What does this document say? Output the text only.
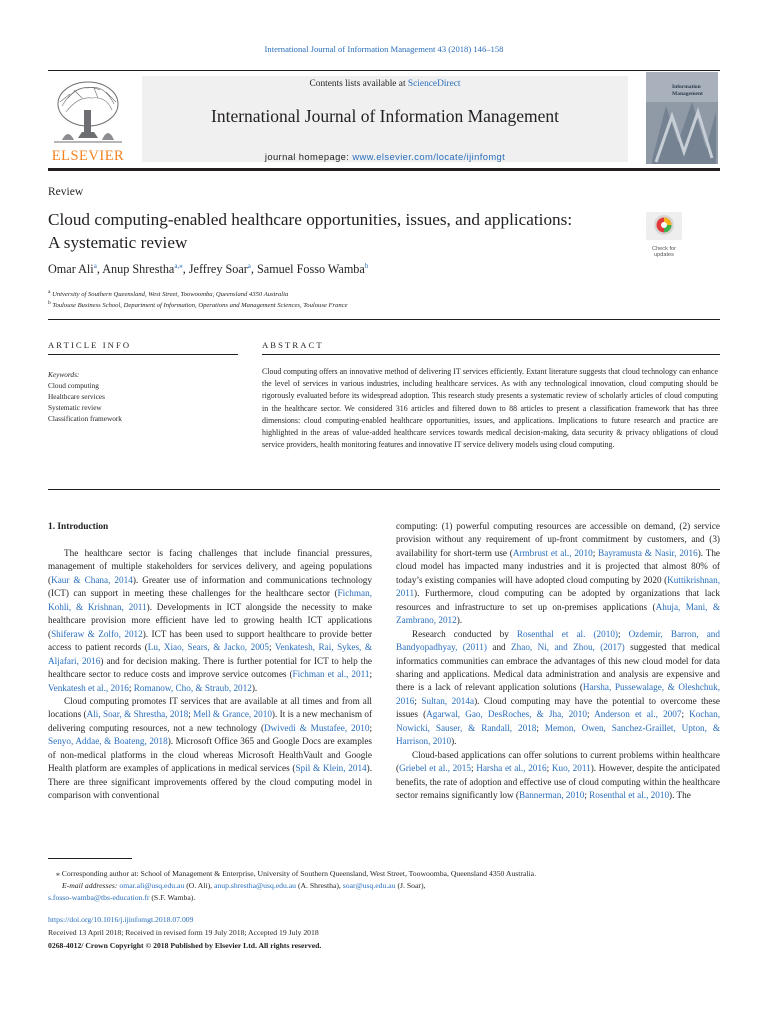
International Journal of Information Management 43 (2018) 146–158
ELSEVIER
Contents lists available at ScienceDirect
International Journal of Information Management
journal homepage: www.elsevier.com/locate/ijinfomgt
Information Management
Review
Cloud computing-enabled healthcare opportunities, issues, and applications:
A systematic review	Check for updates
Omar Ali$^a$, Anup Shrestha$^{a,⁎}$, Jeffrey Soar$^a$, Samuel Fosso Wamba$^b$
$^a$ University of Southern Queensland, West Street, Toowoomba, Queensland 4350 Australia
$^b$ Toulouse Business School, Department of Information, Operations and Management Sciences, Toulouse France
ARTICLE INFO	ABSTRACT
Keywords:
Cloud computing
Healthcare services
Systematic review
Classification framework

Cloud computing offers an innovative method of delivering IT services efficiently. Extant literature suggests that cloud technology can enhance the level of services in various industries, including healthcare services. As with any technological innovation, cloud computing should be rigorously evaluated before its widespread adoption. This research study presents a systematic review of scholarly articles of cloud computing in the healthcare sector. We considered 316 articles and filtered down to 88 articles to present a classification framework that has three dimensions: cloud computing-enabled healthcare opportunities, issues, and applications. Implications to future research and practice are highlighted in the areas of value-added healthcare services towards medical decision-making, data security & privacy obligations of cloud service providers, health monitoring features and innovative IT service delivery models using cloud computing.

1. Introduction

The healthcare sector is facing challenges that include financial pressures, management of multiple stakeholders for services delivery, and ageing populations (Kaur & Chana, 2014). Greater use of information and communications technology (ICT) can support in meeting these challenges for the healthcare sector (Fichman, Kohli, & Krishnan, 2011). Developments in ICT alongside the necessity to make healthcare provision more efficient have led to growing health ICT applications (Shiferaw & Zolfo, 2012). ICT has been used to support healthcare to provide better access to patient records (Lu, Xiao, Sears, & Jacko, 2005; Venkatesh, Rai, Sykes, & Aljafari, 2016) and for decision making. There is further potential for ICT to help the healthcare sector to reduce costs and improve service outcomes (Fichman et al., 2011; Venkatesh et al., 2016; Romanow, Cho, & Straub, 2012).

Cloud computing promotes IT services that are available at all times and from all locations (Ali, Soar, & Shrestha, 2018; Mell & Grance, 2010). It is a new mechanism of delivering computing resources, not a new technology (Dwivedi & Mustafee, 2010; Senyo, Addae, & Boateng, 2018). Microsoft Office 365 and Google Docs are examples of non-medical platforms in the cloud whereas Microsoft HealthVault and Google Health platform are examples of applications in medical services (Spil & Klein, 2014). There are three significant improvements offered by the cloud computing model in comparison with conventional

computing: (1) powerful computing resources are accessible on demand, (2) service provision without any requirement of up-front commitment by customers, and (3) availability for short-term use (Armbrust et al., 2010; Bayramusta & Nasir, 2016). The cloud model has impacted many industries and it is projected that almost 80% of today’s existing companies will have adopted cloud computing by 2020 (Kuttikrishnan, 2011). Furthermore, cloud computing can be adopted by organizations that lack resources and infrastructure to set up on-premises applications (Ahuja, Mani, & Zambrano, 2012).

Research conducted by Rosenthal et al. (2010); Ozdemir, Barron, and Bandyopadhyay, (2011) and Zhao, Ni, and Zhou, (2017) suggested that medical informatics communities can embrace the advantages of this new cloud model for data sharing and applications. Medical data administration and analysis are expensive and there is a lack of relevant application solutions (Harsha, Pussewalage, & Oleshchuk, 2016; Sultan, 2014a). Cloud computing may have the potential to overcome these issues (Agarwal, Gao, DesRoches, & Jha, 2010; Anderson et al., 2007; Kochan, Nowicki, Sauser, & Randall, 2018; Memon, Owen, Sanchez-Graillet, Upton, & Harrison, 2010).

Cloud-based applications can offer solutions to current problems within healthcare (Griebel et al., 2015; Harsha et al., 2016; Kuo, 2011). However, despite the anticipated benefits, the rate of adoption and effective use of cloud computing within the healthcare sector remains significantly low (Bannerman, 2010; Rosenthal et al., 2010). The

⁎ Corresponding author at: School of Management & Enterprise, University of Southern Queensland, West Street, Toowoomba, Queensland 4350 Australia.

E-mail addresses: omar.ali@usq.edu.au (O. Ali), anup.shrestha@usq.edu.au (A. Shrestha), soar@usq.edu.au (J. Soar),

s.fosso-wamba@tbs-education.fr (S.F. Wamba).

https://doi.org/10.1016/j.ijinfomgt.2018.07.009
Received 13 April 2018; Received in revised form 19 July 2018; Accepted 19 July 2018
0268-4012/ Crown Copyright © 2018 Published by Elsevier Ltd. All rights reserved.
